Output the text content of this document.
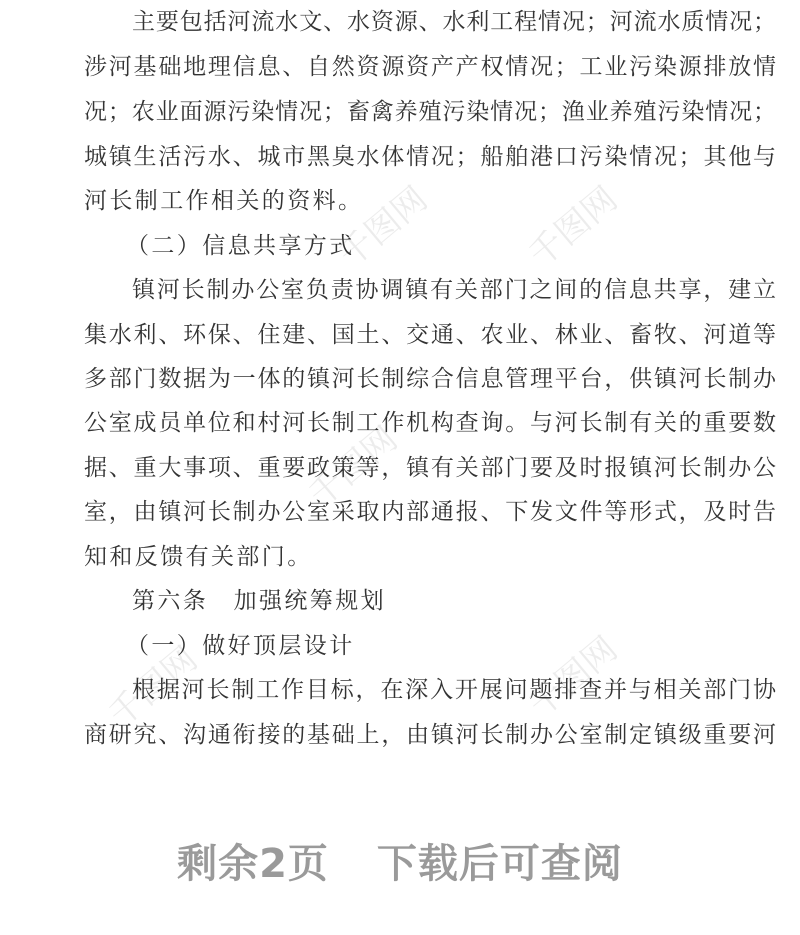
千图网	千图网
千图网
千图网	千图网
主要包括河流水文、水资源、水利工程情况；河流水质情况；
涉河基础地理信息、自然资源资产产权情况；工业污染源排放情
况；农业面源污染情况；畜禽养殖污染情况；渔业养殖污染情况；
城镇生活污水、城市黑臭水体情况；船舶港口污染情况；其他与
河长制工作相关的资料。
（二）信息共享方式
镇河长制办公室负责协调镇有关部门之间的信息共享，建立
集水利、环保、住建、国土、交通、农业、林业、畜牧、河道等
多部门数据为一体的镇河长制综合信息管理平台，供镇河长制办
公室成员单位和村河长制工作机构查询。与河长制有关的重要数
据、重大事项、重要政策等，镇有关部门要及时报镇河长制办公
室，由镇河长制办公室采取内部通报、下发文件等形式，及时告
知和反馈有关部门。
第六条　加强统筹规划
（一）做好顶层设计
根据河长制工作目标，在深入开展问题排查并与相关部门协
商研究、沟通衔接的基础上，由镇河长制办公室制定镇级重要河
剩余2页 下载后可查阅
